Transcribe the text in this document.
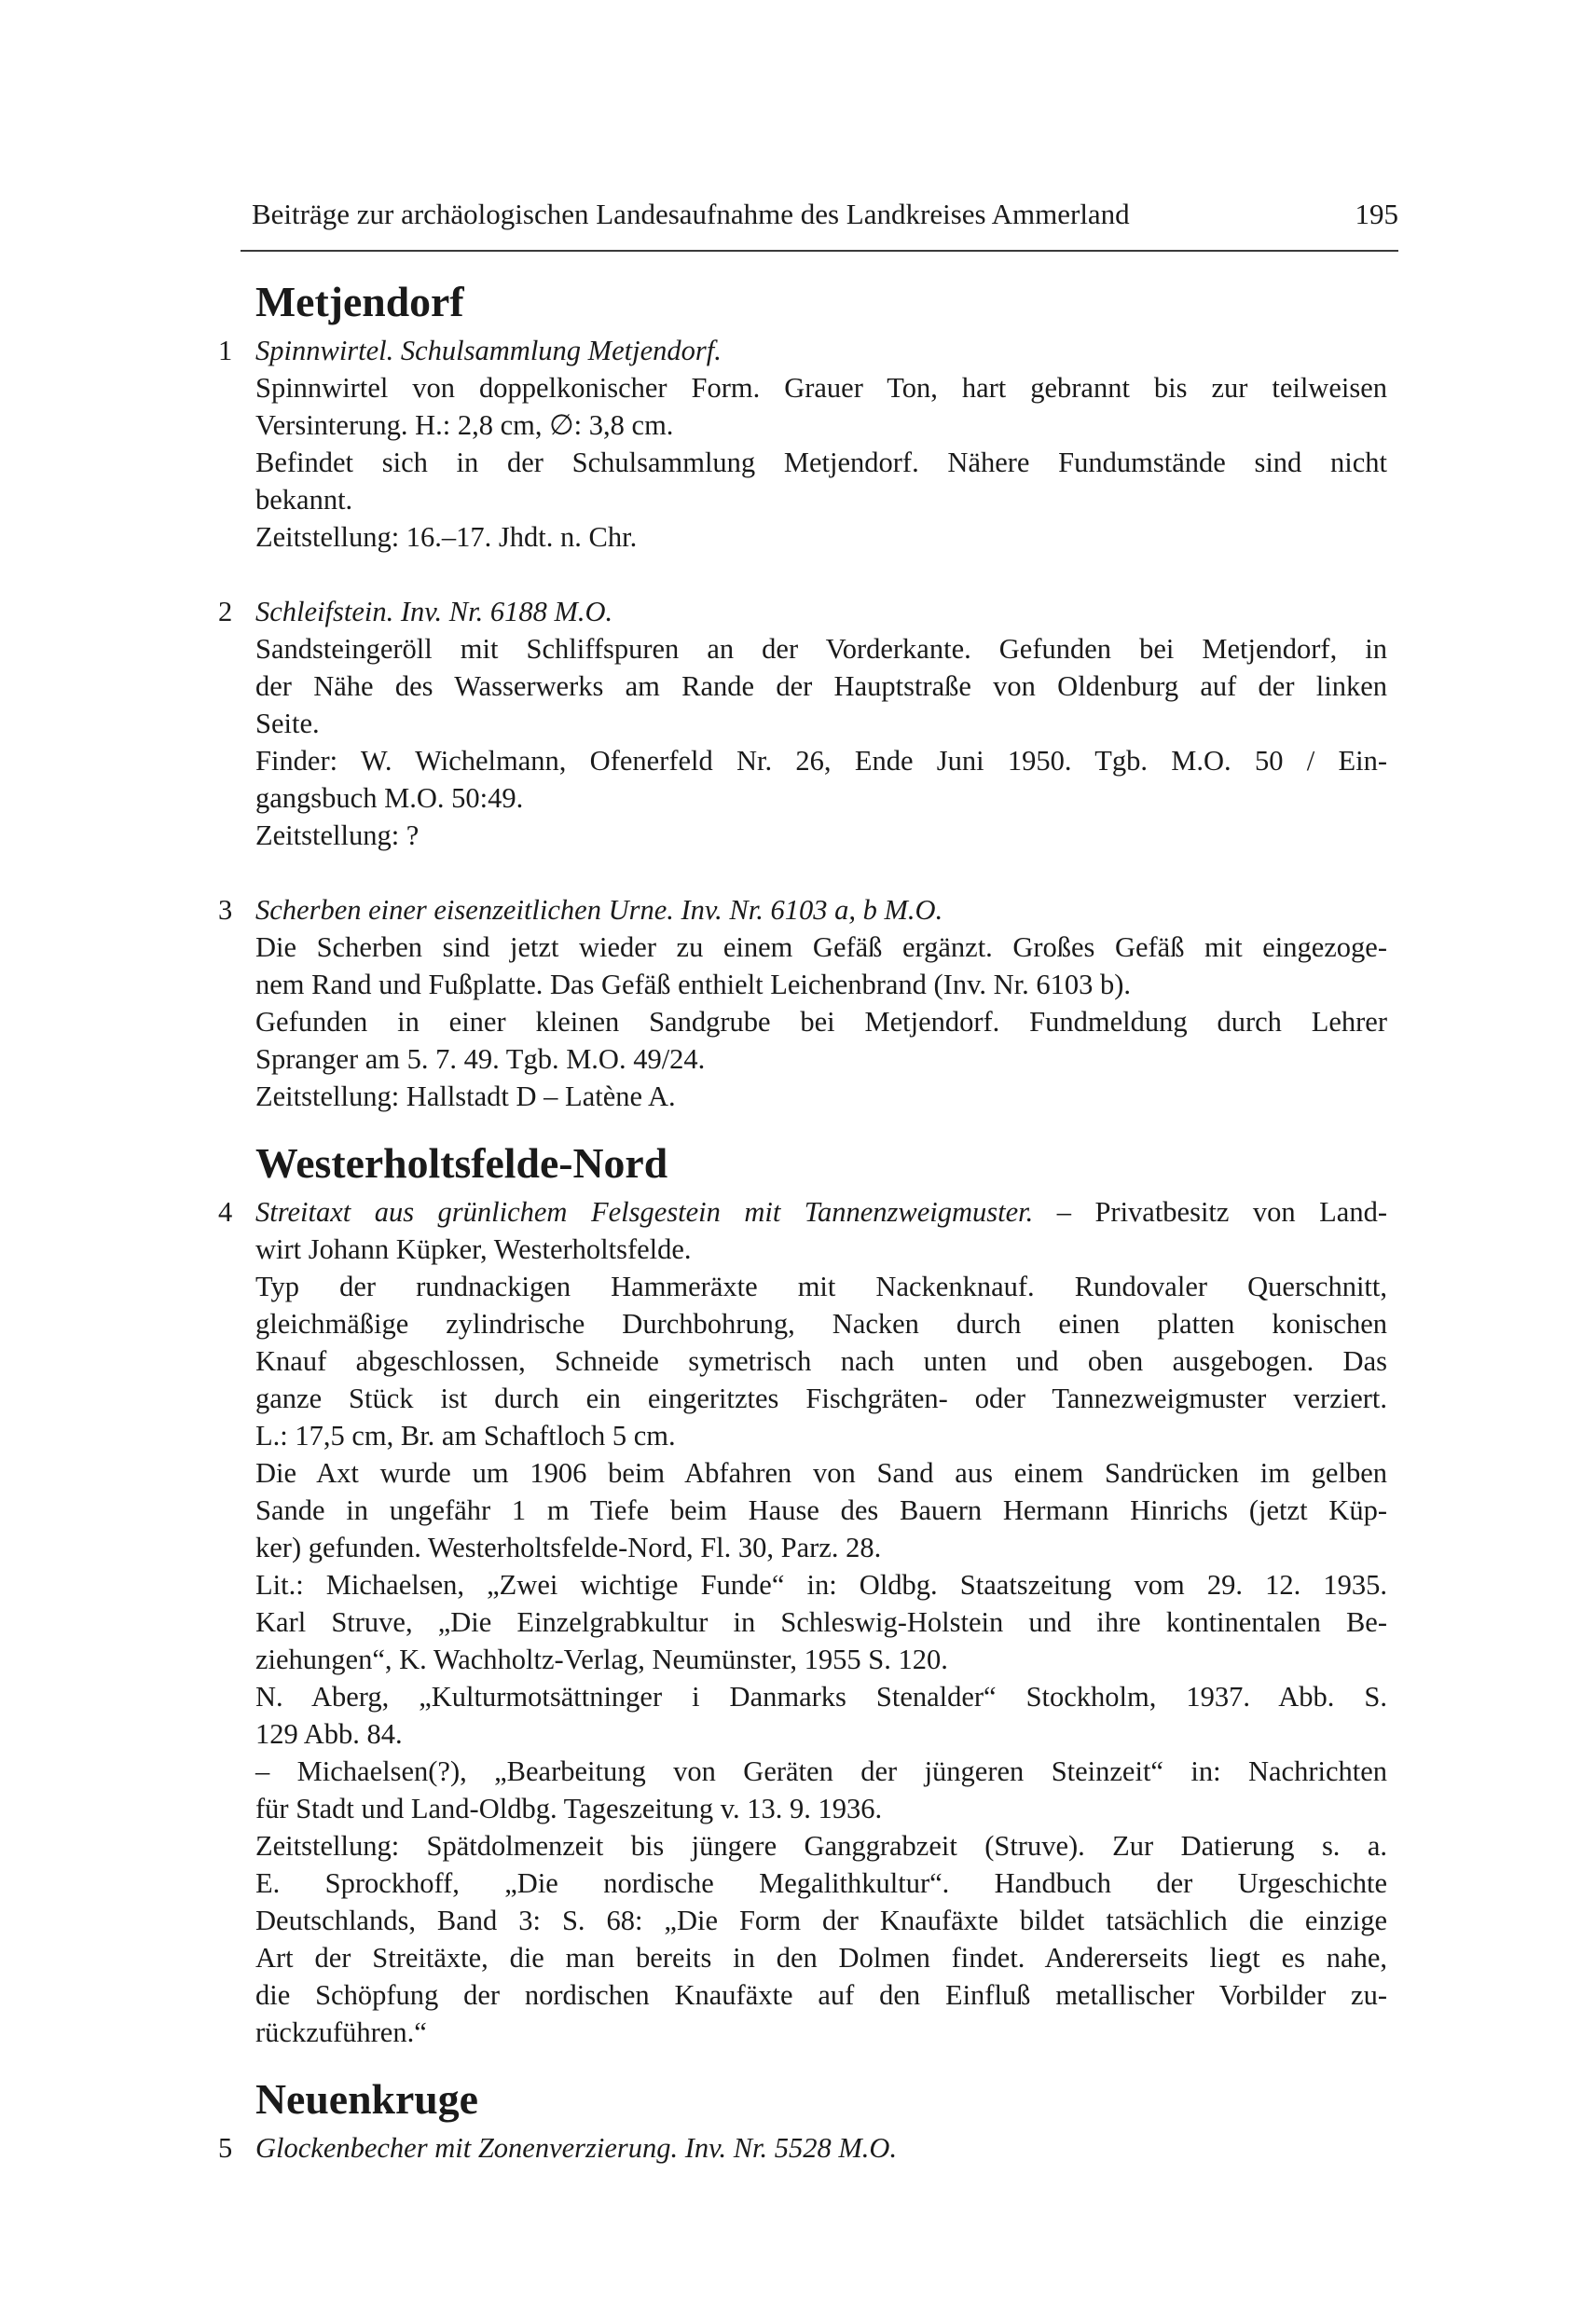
Beiträge zur archäologischen Landesaufnahme des Landkreises Ammerland	195
Metjendorf
1 Spinnwirtel. Schulsammlung Metjendorf.
Spinnwirtel von doppelkonischer Form. Grauer Ton, hart gebrannt bis zur teilweisen
Versinterung. H.: 2,8 cm, ∅: 3,8 cm.
Befindet sich in der Schulsammlung Metjendorf. Nähere Fundumstände sind nicht
bekannt.
Zeitstellung: 16.–17. Jhdt. n. Chr.
2 Schleifstein. Inv. Nr. 6188 M.O.
Sandsteingeröll mit Schliffspuren an der Vorderkante. Gefunden bei Metjendorf, in
der Nähe des Wasserwerks am Rande der Hauptstraße von Oldenburg auf der linken
Seite.
Finder: W. Wichelmann, Ofenerfeld Nr. 26, Ende Juni 1950. Tgb. M.O. 50 / Ein-
gangsbuch M.O. 50:49.
Zeitstellung: ?
3 Scherben einer eisenzeitlichen Urne. Inv. Nr. 6103 a, b M.O.
Die Scherben sind jetzt wieder zu einem Gefäß ergänzt. Großes Gefäß mit eingezoge-
nem Rand und Fußplatte. Das Gefäß enthielt Leichenbrand (Inv. Nr. 6103 b).
Gefunden in einer kleinen Sandgrube bei Metjendorf. Fundmeldung durch Lehrer
Spranger am 5. 7. 49. Tgb. M.O. 49/24.
Zeitstellung: Hallstadt D – Latène A.
Westerholtsfelde-Nord
4 Streitaxt aus grünlichem Felsgestein mit Tannenzweigmuster. – Privatbesitz von Land-
wirt Johann Küpker, Westerholtsfelde.
Typ der rundnackigen Hammeräxte mit Nackenknauf. Rundovaler Querschnitt,
gleichmäßige zylindrische Durchbohrung, Nacken durch einen platten konischen
Knauf abgeschlossen, Schneide symetrisch nach unten und oben ausgebogen. Das
ganze Stück ist durch ein eingeritztes Fischgräten- oder Tannezweigmuster verziert.
L.: 17,5 cm, Br. am Schaftloch 5 cm.
Die Axt wurde um 1906 beim Abfahren von Sand aus einem Sandrücken im gelben
Sande in ungefähr 1 m Tiefe beim Hause des Bauern Hermann Hinrichs (jetzt Küp-
ker) gefunden. Westerholtsfelde-Nord, Fl. 30, Parz. 28.
Lit.: Michaelsen, „Zwei wichtige Funde“ in: Oldbg. Staatszeitung vom 29. 12. 1935.
Karl Struve, „Die Einzelgrabkultur in Schleswig-Holstein und ihre kontinentalen Be-
ziehungen“, K. Wachholtz-Verlag, Neumünster, 1955 S. 120.
N. Aberg, „Kulturmotsättninger i Danmarks Stenalder“ Stockholm, 1937. Abb. S.
129 Abb. 84.
– Michaelsen(?), „Bearbeitung von Geräten der jüngeren Steinzeit“ in: Nachrichten
für Stadt und Land-Oldbg. Tageszeitung v. 13. 9. 1936.
Zeitstellung: Spätdolmenzeit bis jüngere Ganggrabzeit (Struve). Zur Datierung s. a.
E. Sprockhoff, „Die nordische Megalithkultur“. Handbuch der Urgeschichte
Deutschlands, Band 3: S. 68: „Die Form der Knaufäxte bildet tatsächlich die einzige
Art der Streitäxte, die man bereits in den Dolmen findet. Andererseits liegt es nahe,
die Schöpfung der nordischen Knaufäxte auf den Einfluß metallischer Vorbilder zu-
rückzuführen.“
Neuenkruge
5 Glockenbecher mit Zonenverzierung. Inv. Nr. 5528 M.O.
